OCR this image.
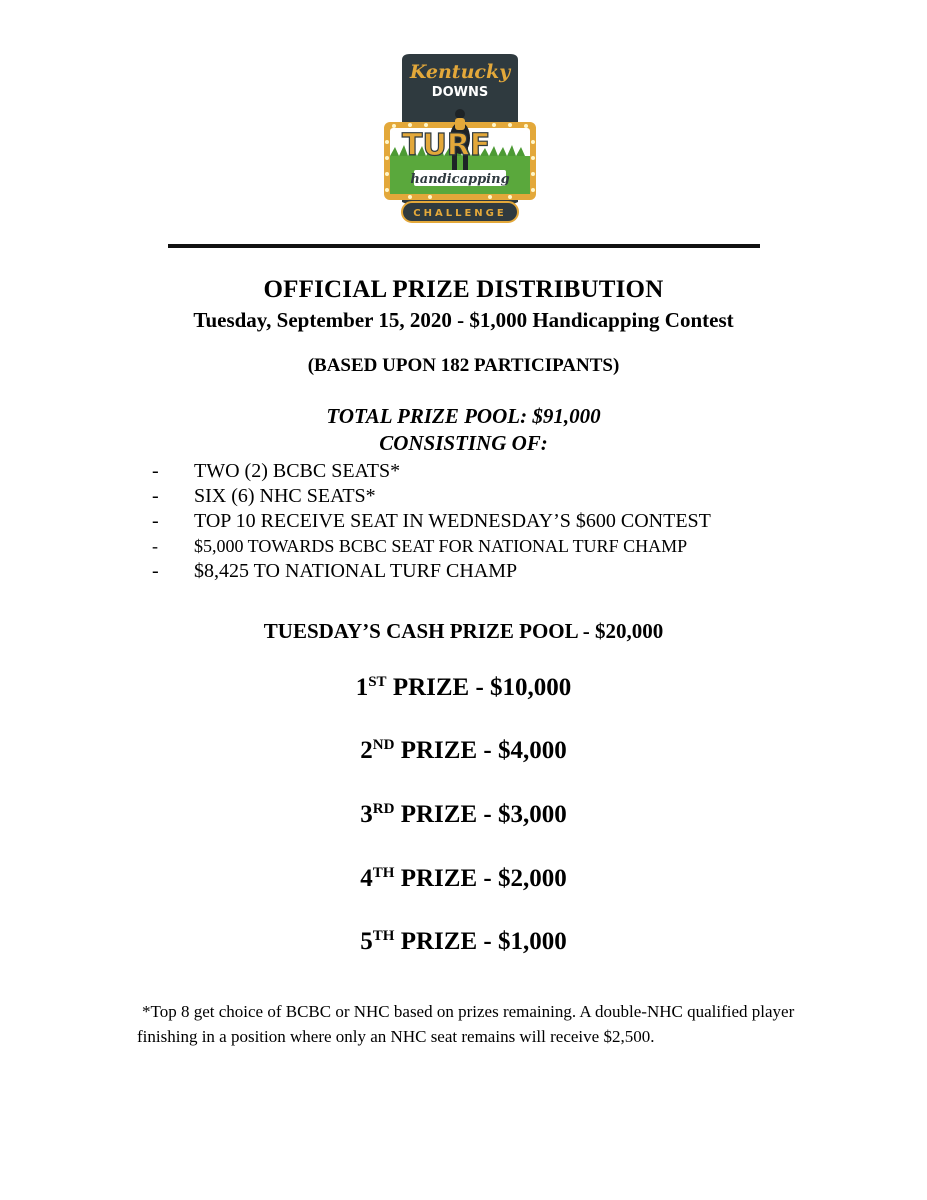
TURF
Kentucky
DOWNS
handicapping
CHALLENGE
OFFICIAL PRIZE DISTRIBUTION
Tuesday, September 15, 2020 - $1,000 Handicapping Contest
(BASED UPON 182 PARTICIPANTS)
TOTAL PRIZE POOL: $91,000
CONSISTING OF:
- TWO (2) BCBC SEATS*
- SIX (6) NHC SEATS*
- TOP 10 RECEIVE SEAT IN WEDNESDAY’S $600 CONTEST
- $5,000 TOWARDS BCBC SEAT FOR NATIONAL TURF CHAMP
- $8,425 TO NATIONAL TURF CHAMP
TUESDAY’S CASH PRIZE POOL - $20,000
1ST PRIZE - $10,000
2ND PRIZE - $4,000
3RD PRIZE - $3,000
4TH PRIZE - $2,000
5TH PRIZE - $1,000
*Top 8 get choice of BCBC or NHC based on prizes remaining. A double-NHC qualified player finishing in a position where only an NHC seat remains will receive $2,500.
